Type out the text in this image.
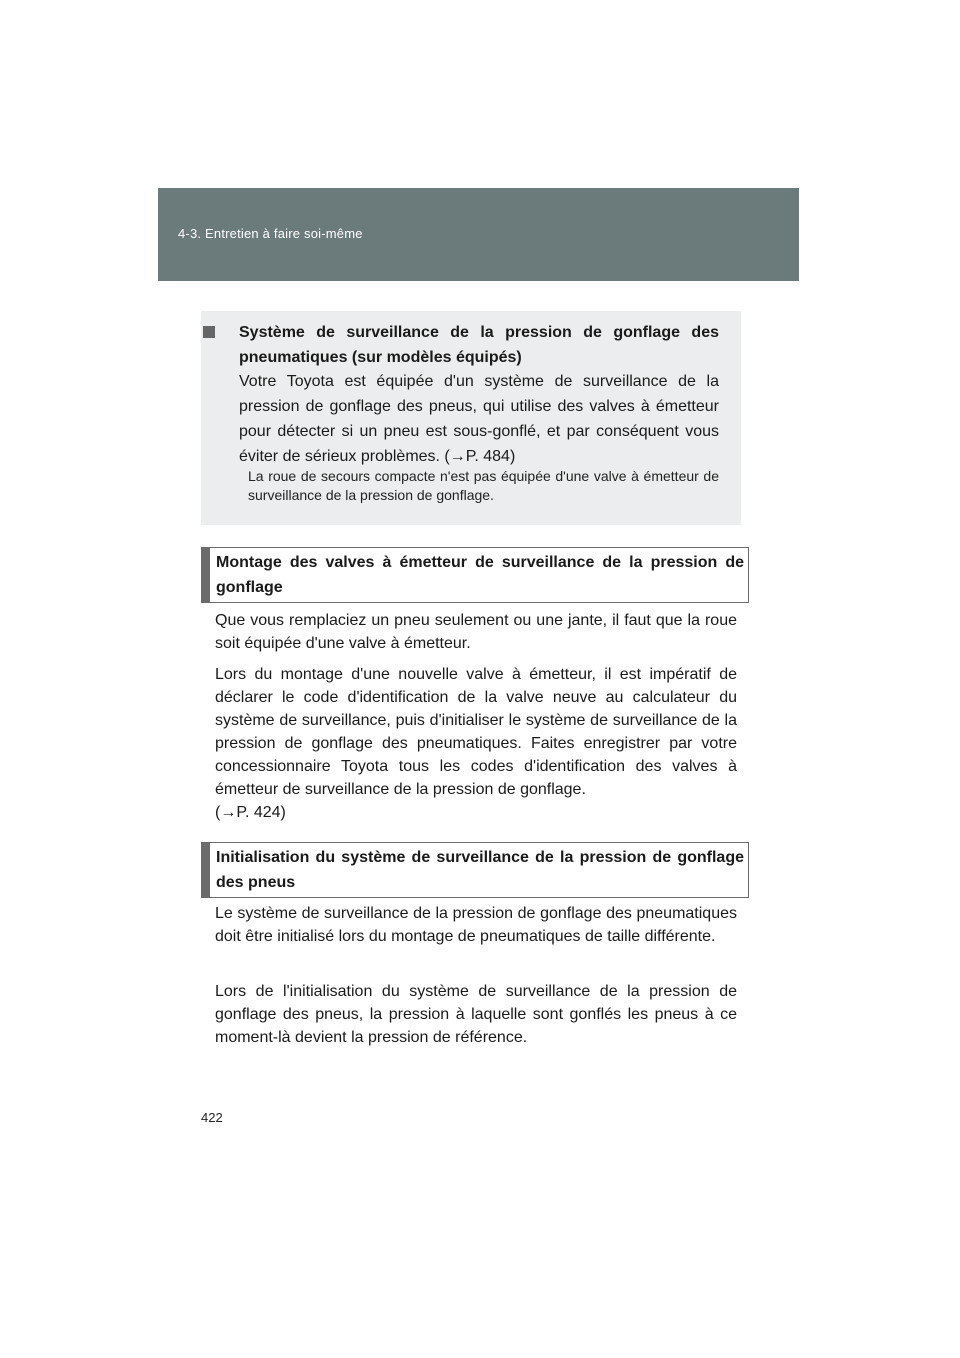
4-3. Entretien à faire soi-même
Système de surveillance de la pression de gonflage des pneumatiques (sur modèles équipés)
Votre Toyota est équipée d'un système de surveillance de la pression de gonflage des pneus, qui utilise des valves à émetteur pour détecter si un pneu est sous-gonflé, et par conséquent vous éviter de sérieux problèmes. (→P. 484)
La roue de secours compacte n'est pas équipée d'une valve à émetteur de surveillance de la pression de gonflage.
Montage des valves à émetteur de surveillance de la pression de gonflage
Que vous remplaciez un pneu seulement ou une jante, il faut que la roue soit équipée d'une valve à émetteur.
Lors du montage d'une nouvelle valve à émetteur, il est impératif de déclarer le code d'identification de la valve neuve au calculateur du système de surveillance, puis d'initialiser le système de surveillance de la pression de gonflage des pneumatiques. Faites enregistrer par votre concessionnaire Toyota tous les codes d'identification des valves à émetteur de surveillance de la pression de gonflage.
(→P. 424)
Initialisation du système de surveillance de la pression de gonflage des pneus
Le système de surveillance de la pression de gonflage des pneumatiques doit être initialisé lors du montage de pneumatiques de taille différente.
Lors de l'initialisation du système de surveillance de la pression de gonflage des pneus, la pression à laquelle sont gonflés les pneus à ce moment-là devient la pression de référence.
422
